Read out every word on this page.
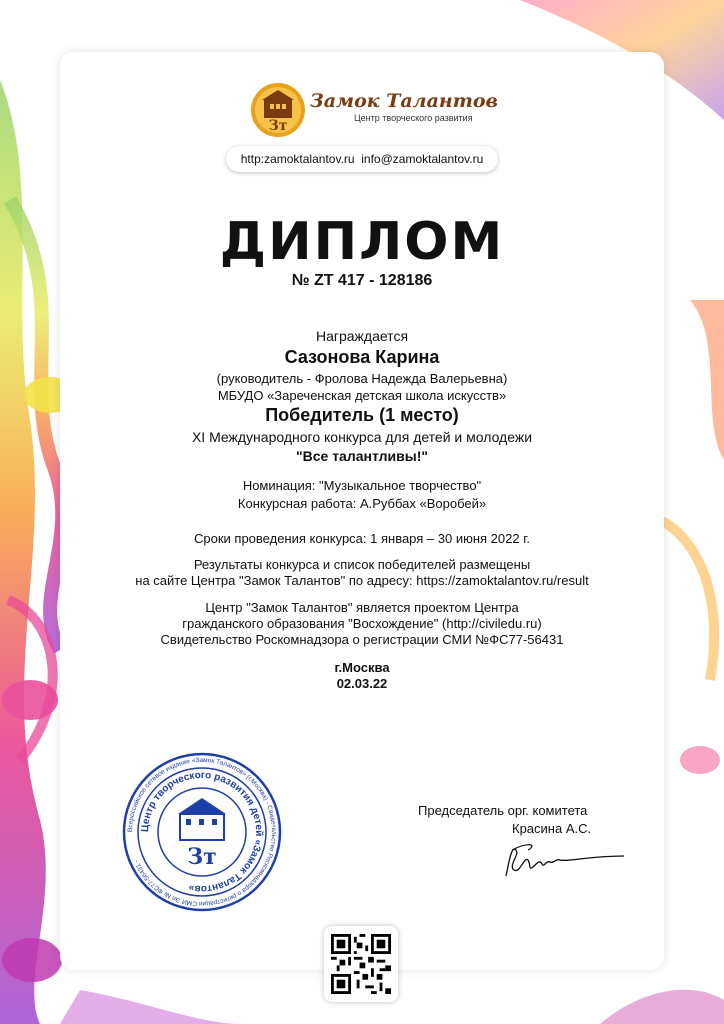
Зт
Замок Талантов
Центр творческого развития
http:zamoktalantov.ru info@zamoktalantov.ru
ДИПЛОМ
№ ZT 417 - 128186
Награждается
Сазонова Карина
(руководитель - Фролова Надежда Валерьевна)
МБУДО «Зареченская детская школа искусств»
Победитель (1 место)
XI Международного конкурса для детей и молодежи
"Все талантливы!"
Номинация: "Музыкальное творчество"
Конкурсная работа: А.Руббах «Воробей»
Сроки проведения конкурса: 1 января – 30 июня 2022 г.
Результаты конкурса и список победителей размещены
на сайте Центра "Замок Талантов" по адресу: https://zamoktalantov.ru/result
Центр "Замок Талантов" является проектом Центра
гражданского образования "Восхождение" (http://civiledu.ru)
Свидетельство Роскомнадзора о регистрации СМИ №ФС77-56431
г.Москва
02.03.22
Всероссийское сетевое издание «Замок Талантов» (г.Москва) - Свидетельство Роскомнадзора о регистрации СМИ Эл № ФС77-56431 -
Центр творческого развития детей «Замок Талантов»
Зт
Председатель орг. комитета
Красина А.С.
